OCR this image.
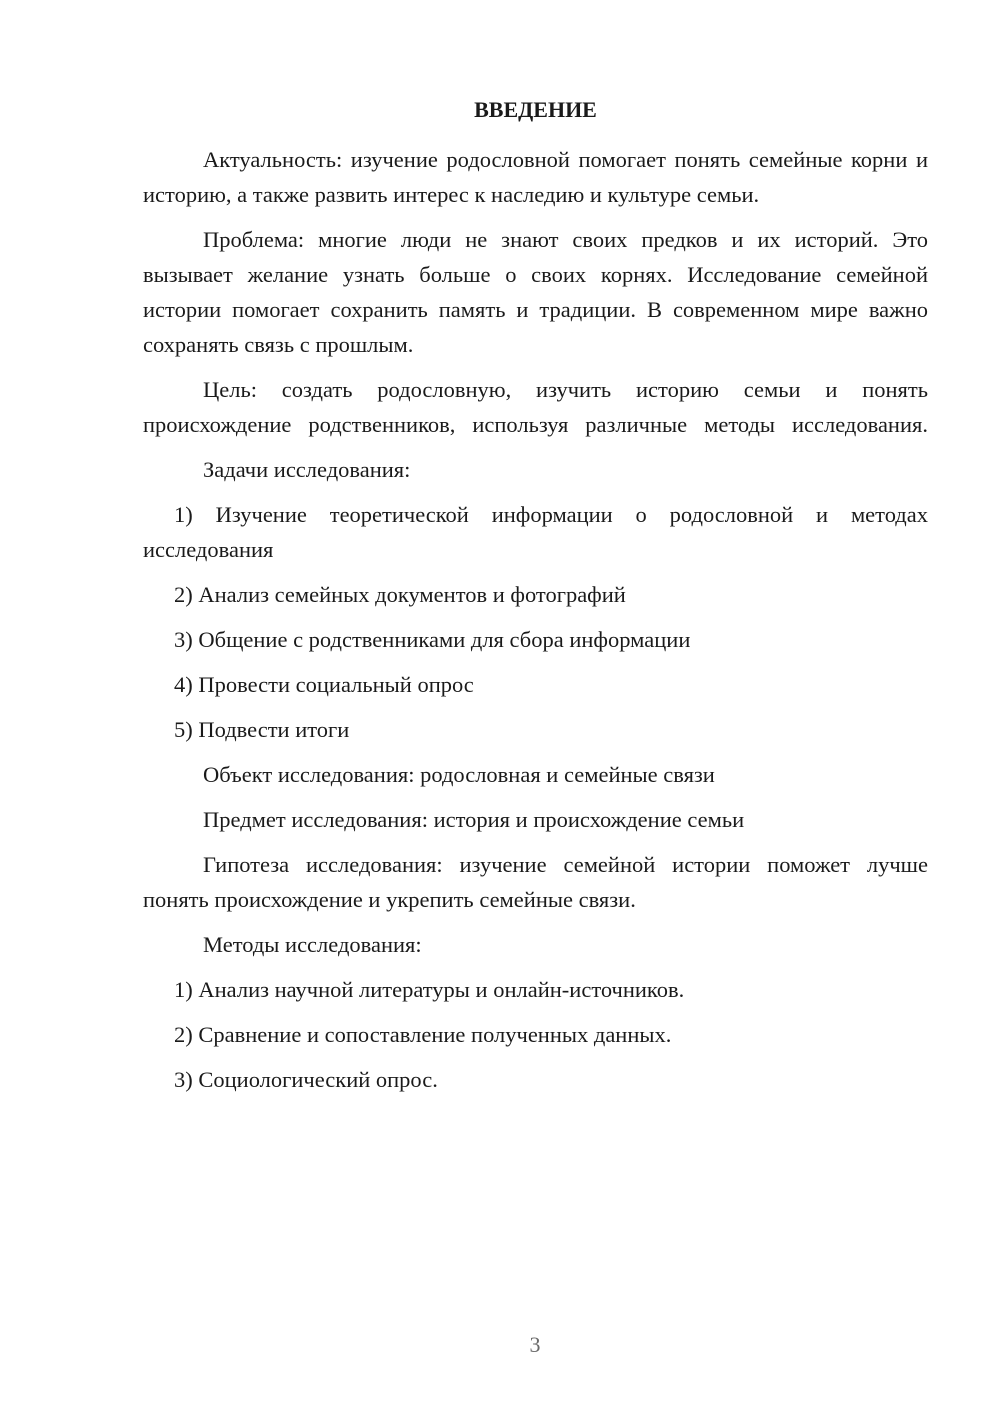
ВВЕДЕНИЕ

Актуальность: изучение родословной помогает понять семейные корни и историю, а также развить интерес к наследию и культуре семьи.

Проблема: многие люди не знают своих предков и их историй. Это вызывает желание узнать больше о своих корнях. Исследование семейной истории помогает сохранить память и традиции. В современном мире важно сохранять связь с прошлым.

Цель: создать родословную, изучить историю семьи и понять происхождение родственников, используя различные методы исследования.

Задачи исследования:

1) Изучение теоретической информации о родословной и методах исследования

2) Анализ семейных документов и фотографий

3) Общение с родственниками для сбора информации

4) Провести социальный опрос

5) Подвести итоги

Объект исследования: родословная и семейные связи

Предмет исследования: история и происхождение семьи

Гипотеза исследования: изучение семейной истории поможет лучше понять происхождение и укрепить семейные связи.

Методы исследования:

1) Анализ научной литературы и онлайн-источников.

2) Сравнение и сопоставление полученных данных.

3) Социологический опрос.

3
